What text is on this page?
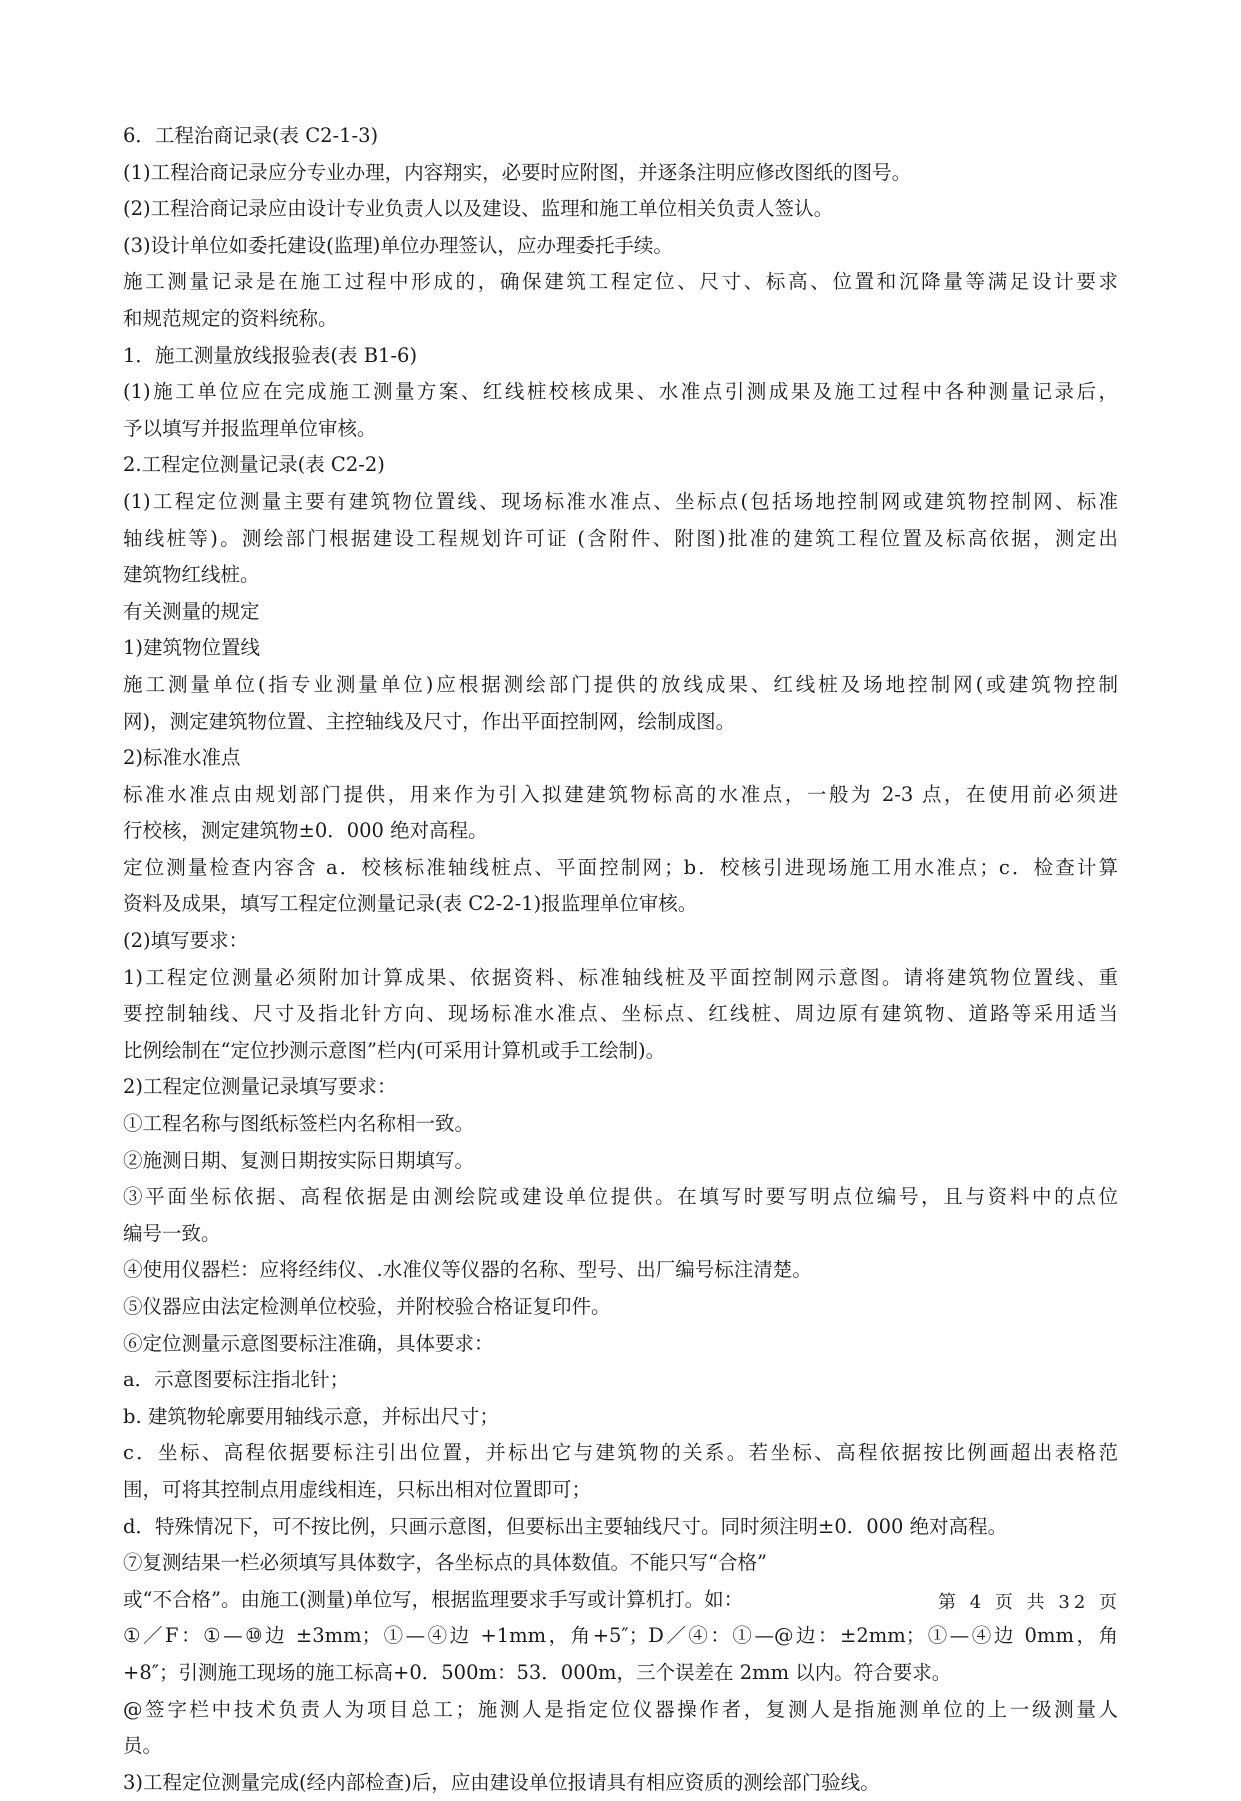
6．工程治商记录(表 C2-1-3)
(1)工程洽商记录应分专业办理，内容翔实，必要时应附图，并逐条注明应修改图纸的图号。
(2)工程洽商记录应由设计专业负责人以及建设、监理和施工单位相关负责人签认。
(3)设计单位如委托建设(监理)单位办理签认，应办理委托手续。
施工测量记录是在施工过程中形成的，确保建筑工程定位、尺寸、标高、位置和沉降量等满足设计要求
和规范规定的资料统称。
1．施工测量放线报验表(表 B1-6)
(1)施工单位应在完成施工测量方案、红线桩校核成果、水准点引测成果及施工过程中各种测量记录后，
予以填写并报监理单位审核。
2.工程定位测量记录(表 C2-2)
(1)工程定位测量主要有建筑物位置线、现场标准水准点、坐标点(包括场地控制网或建筑物控制网、标准
轴线桩等)。测绘部门根据建设工程规划许可证 (含附件、附图)批准的建筑工程位置及标高依据，测定出
建筑物红线桩。
有关测量的规定
1)建筑物位置线
施工测量单位(指专业测量单位)应根据测绘部门提供的放线成果、红线桩及场地控制网(或建筑物控制
网)，测定建筑物位置、主控轴线及尺寸，作出平面控制网，绘制成图。
2)标准水准点
标准水准点由规划部门提供，用来作为引入拟建建筑物标高的水准点，一般为 2-3 点，在使用前必须进
行校核，测定建筑物±0．000 绝对高程。
定位测量检查内容含 a．校核标准轴线桩点、平面控制网；b．校核引进现场施工用水准点；c．检查计算
资料及成果，填写工程定位测量记录(表 C2-2-1)报监理单位审核。
(2)填写要求：
1)工程定位测量必须附加计算成果、依据资料、标准轴线桩及平面控制网示意图。请将建筑物位置线、重
要控制轴线、尺寸及指北针方向、现场标准水准点、坐标点、红线桩、周边原有建筑物、道路等采用适当
比例绘制在“定位抄测示意图”栏内(可采用计算机或手工绘制)。
2)工程定位测量记录填写要求：
①工程名称与图纸标签栏内名称相一致。
②施测日期、复测日期按实际日期填写。
③平面坐标依据、高程依据是由测绘院或建设单位提供。在填写时要写明点位编号，且与资料中的点位
编号一致。
④使用仪器栏：应将经纬仪、.水准仪等仪器的名称、型号、出厂编号标注清楚。
⑤仪器应由法定检测单位校验，并附校验合格证复印件。
⑥定位测量示意图要标注准确，具体要求：
a．示意图要标注指北针；
b. 建筑物轮廓要用轴线示意，并标出尺寸；
c．坐标、高程依据要标注引出位置，并标出它与建筑物的关系。若坐标、高程依据按比例画超出表格范
围，可将其控制点用虚线相连，只标出相对位置即可；
d．特殊情况下，可不按比例，只画示意图，但要标出主要轴线尺寸。同时须注明±0．000 绝对高程。
⑦复测结果一栏必须填写具体数字，各坐标点的具体数值。不能只写“合格”
或“不合格”。由施工(测量)单位写，根据监理要求手写或计算机打。如：
①／F：①—⑩边 ±3mm；①—④边 +1mm，角+5″；D／④：①—@边：±2mm；①—④边 0mm，角
+8″；引测施工现场的施工标高+0．500m：53．000m，三个误差在 2mm 以内。符合要求。
@签字栏中技术负责人为项目总工；施测人是指定位仪器操作者，复测人是指施测单位的上一级测量人
员。
3)工程定位测量完成(经内部检查)后，应由建设单位报请具有相应资质的测绘部门验线。
第 4 页 共 32 页
